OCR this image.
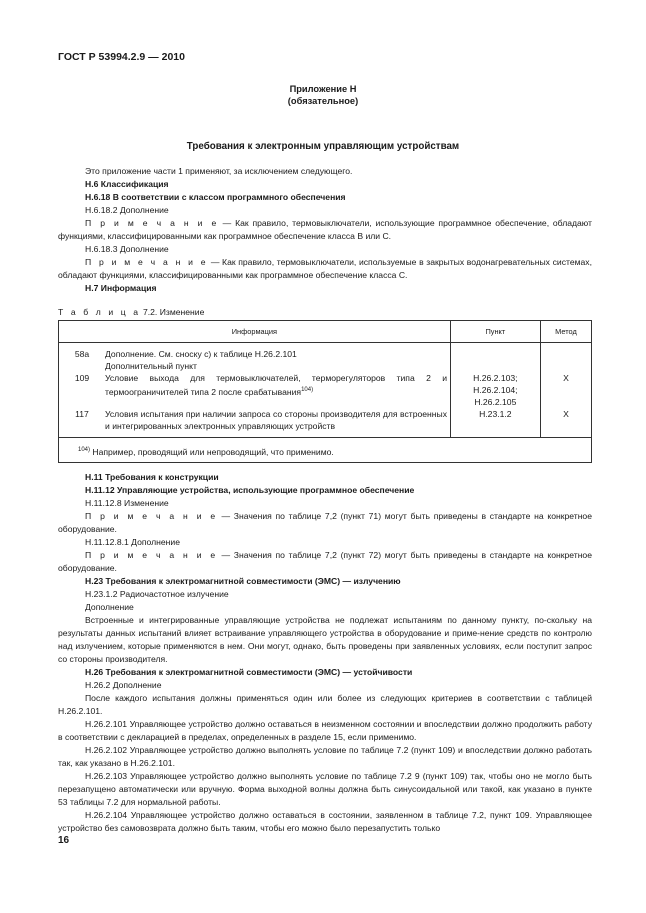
ГОСТ Р 53994.2.9 — 2010
Приложение Н
(обязательное)
Требования к электронным управляющим устройствам

Это приложение части 1 применяют, за исключением следующего.

Н.6 Классификация

Н.6.18 В соответствии с классом программного обеспечения

Н.6.18.2 Дополнение

П р и м е ч а н и е — Как правило, термовыключатели, использующие программное обеспечение, обладают функциями, классифицированными как программное обеспечение класса В или С.

Н.6.18.3 Дополнение

П р и м е ч а н и е — Как правило, термовыключатели, используемые в закрытых водонагревательных системах, обладают функциями, классифицированными как программное обеспечение класса С.

Н.7 Информация

Т а б л и ц а 7.2. Изменение
Информация	Пункт	Метод
58а Дополнение. См. сноску с) к таблице Н.26.2.101		
Дополнительный пункт		
109 Условие выхода для термовыключателей, терморегуляторов типа 2 и термоограничителей типа 2 после срабатывания$^{104)}$	Н.26.2.103; Н.26.2.104; Н.26.2.105	Х
117 Условия испытания при наличии запроса со стороны производителя для встроенных и интегрированных электронных управляющих устройств	Н.23.1.2	Х
$^{104)}$ Например, проводящий или непроводящий, что применимо.		

Н.11 Требования к конструкции

Н.11.12 Управляющие устройства, использующие программное обеспечение

Н.11.12.8 Изменение

П р и м е ч а н и е — Значения по таблице 7,2 (пункт 71) могут быть приведены в стандарте на конкретное оборудование.

Н.11.12.8.1 Дополнение

П р и м е ч а н и е — Значения по таблице 7,2 (пункт 72) могут быть приведены в стандарте на конкретное оборудование.

Н.23 Требования к электромагнитной совместимости (ЭМС) — излучению

Н.23.1.2 Радиочастотное излучение

Дополнение

Встроенные и интегрированные управляющие устройства не подлежат испытаниям по данному пункту, по-скольку на результаты данных испытаний влияет встраивание управляющего устройства в оборудование и приме-нение средств по контролю над излучением, которые применяются в нем. Они могут, однако, быть проведены при заявленных условиях, если поступит запрос со стороны производителя.

Н.26 Требования к электромагнитной совместимости (ЭМС) — устойчивости

Н.26.2 Дополнение

После каждого испытания должны применяться один или более из следующих критериев в соответствии с таблицей Н.26.2.101.

Н.26.2.101 Управляющее устройство должно оставаться в неизменном состоянии и впоследствии должно продолжить работу в соответствии с декларацией в пределах, определенных в разделе 15, если применимо.

Н.26.2.102 Управляющее устройство должно выполнять условие по таблице 7.2 (пункт 109) и впоследствии должно работать так, как указано в Н.26.2.101.

Н.26.2.103 Управляющее устройство должно выполнять условие по таблице 7.2 9 (пункт 109) так, чтобы оно не могло быть перезапущено автоматически или вручную. Форма выходной волны должна быть синусоидальной или такой, как указано в пункте 53 таблицы 7.2 для нормальной работы.

Н.26.2.104 Управляющее устройство должно оставаться в состоянии, заявленном в таблице 7.2, пункт 109. Управляющее устройство без самовозврата должно быть таким, чтобы его можно было перезапустить только

16
